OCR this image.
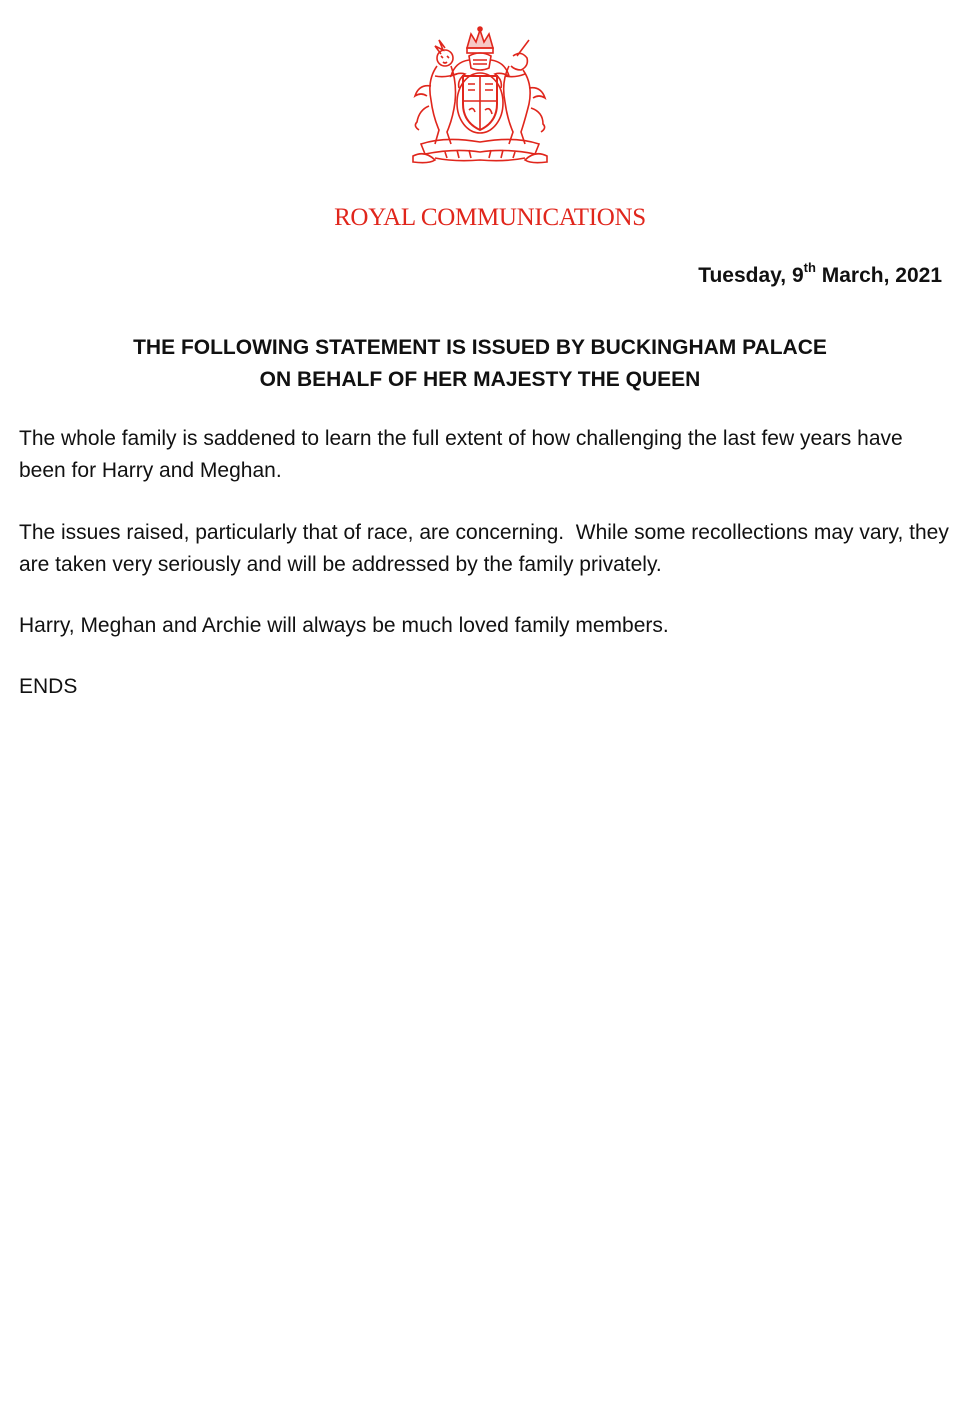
ROYAL COMMUNICATIONS
Tuesday, 9th March, 2021
THE FOLLOWING STATEMENT IS ISSUED BY BUCKINGHAM PALACE
ON BEHALF OF HER MAJESTY THE QUEEN

The whole family is saddened to learn the full extent of how challenging the last few years have been for Harry and Meghan.

The issues raised, particularly that of race, are concerning.  While some recollections may vary, they are taken very seriously and will be addressed by the family privately.

Harry, Meghan and Archie will always be much loved family members.

ENDS
